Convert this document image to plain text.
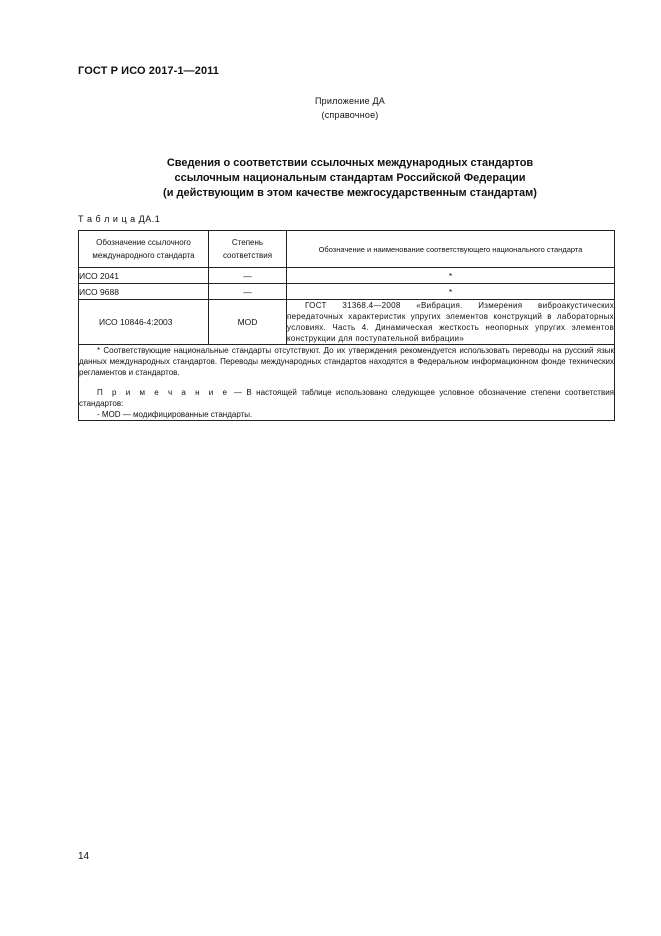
ГОСТ Р ИСО 2017-1—2011
Приложение ДА
(справочное)
Сведения о соответствии ссылочных международных стандартов
ссылочным национальным стандартам Российской Федерации
(и действующим в этом качестве межгосударственным стандартам)
Т а б л и ц а ДА.1
Обозначение ссылочного международного стандарта	Степень соответствия	Обозначение и наименование соответствующего национального стандарта
ИСО 2041	—	*
ИСО 9688	—	*
ИСО 10846-4:2003	MOD	ГОСТ 31368.4—2008 «Вибрация. Измерения виброакустических передаточных характеристик упругих элементов конструкций в лабораторных условиях. Часть 4. Динамическая жесткость неопорных упругих элементов конструкции для поступательной вибрации»

* Соответствующие национальные стандарты отсутствуют. До их утверждения рекомендуется использовать переводы на русский язык данных международных стандартов. Переводы международных стандартов находятся в Федеральном информационном фонде технических регламентов и стандартов.

П р и м е ч а н и е — В настоящей таблице использовано следующее условное обозначение степени соответствия стандартов:

- MOD — модифицированные стандарты.		

14
